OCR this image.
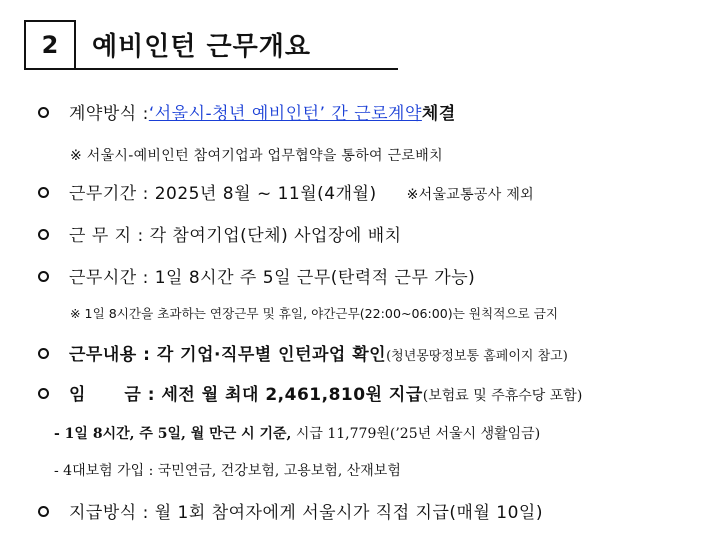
2 예비인턴 근무개요
계약방식 : ‘서울시-청년 예비인턴’ 간 근로계약 체결
※ 서울시-예비인턴 참여기업과 업무협약을 통하여 근로배치
근무기간 : 2025년 8월 ~ 11월(4개월) ※서울교통공사 제외
근 무 지 : 각 참여기업(단체) 사업장에 배치
근무시간 : 1일 8시간 주 5일 근무(탄력적 근무 가능)
※ 1일 8시간을 초과하는 연장근무 및 휴일, 야간근무(22:00~06:00)는 원칙적으로 금지
근무내용 : 각 기업·직무별 인턴과업 확인 (청년몽땅정보통 홈페이지 참고)
임      금 : 세전 월 최대 2,461,810원 지급 (보험료 및 주휴수당 포함)
- 1일 8시간, 주 5일, 월 만근 시 기준, 시급 11,779원(’25년 서울시 생활임금)
- 4대보험 가입 : 국민연금, 건강보험, 고용보험, 산재보험
지급방식 : 월 1회 참여자에게 서울시가 직접 지급(매월 10일)
